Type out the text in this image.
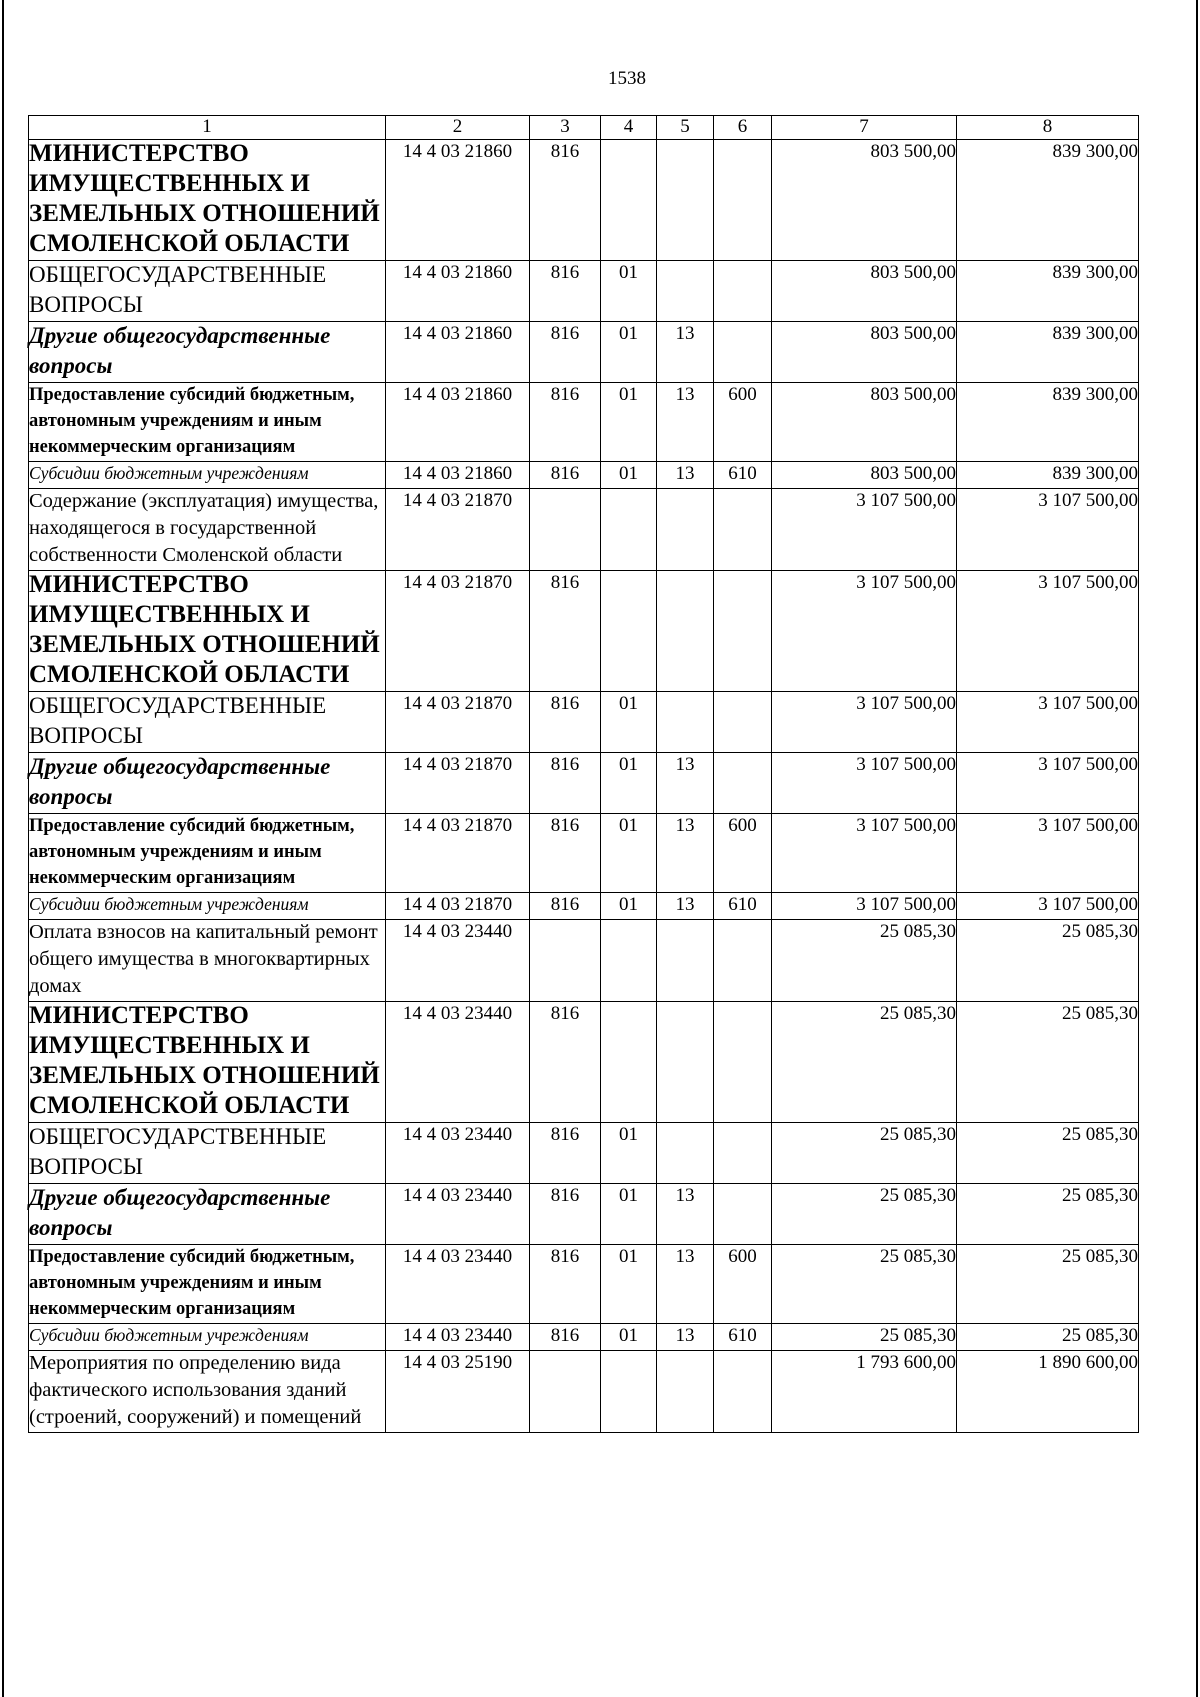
1538
1	2	3	4	5	6	7	8
МИНИСТЕРСТВО ИМУЩЕСТВЕННЫХ И ЗЕМЕЛЬНЫХ ОТНОШЕНИЙ СМОЛЕНСКОЙ ОБЛАСТИ	14 4 03 21860	816				803 500,00	839 300,00
ОБЩЕГОСУДАРСТВЕННЫЕ ВОПРОСЫ	14 4 03 21860	816	01			803 500,00	839 300,00
Другие общегосударственные вопросы	14 4 03 21860	816	01	13		803 500,00	839 300,00
Предоставление субсидий бюджетным, автономным учреждениям и иным некоммерческим организациям	14 4 03 21860	816	01	13	600	803 500,00	839 300,00
Субсидии бюджетным учреждениям	14 4 03 21860	816	01	13	610	803 500,00	839 300,00
Содержание (эксплуатация) имущества, находящегося в государственной собственности Смоленской области	14 4 03 21870					3 107 500,00	3 107 500,00
МИНИСТЕРСТВО ИМУЩЕСТВЕННЫХ И ЗЕМЕЛЬНЫХ ОТНОШЕНИЙ СМОЛЕНСКОЙ ОБЛАСТИ	14 4 03 21870	816				3 107 500,00	3 107 500,00
ОБЩЕГОСУДАРСТВЕННЫЕ ВОПРОСЫ	14 4 03 21870	816	01			3 107 500,00	3 107 500,00
Другие общегосударственные вопросы	14 4 03 21870	816	01	13		3 107 500,00	3 107 500,00
Предоставление субсидий бюджетным, автономным учреждениям и иным некоммерческим организациям	14 4 03 21870	816	01	13	600	3 107 500,00	3 107 500,00
Субсидии бюджетным учреждениям	14 4 03 21870	816	01	13	610	3 107 500,00	3 107 500,00
Оплата взносов на капитальный ремонт общего имущества в многоквартирных домах	14 4 03 23440					25 085,30	25 085,30
МИНИСТЕРСТВО ИМУЩЕСТВЕННЫХ И ЗЕМЕЛЬНЫХ ОТНОШЕНИЙ СМОЛЕНСКОЙ ОБЛАСТИ	14 4 03 23440	816				25 085,30	25 085,30
ОБЩЕГОСУДАРСТВЕННЫЕ ВОПРОСЫ	14 4 03 23440	816	01			25 085,30	25 085,30
Другие общегосударственные вопросы	14 4 03 23440	816	01	13		25 085,30	25 085,30
Предоставление субсидий бюджетным, автономным учреждениям и иным некоммерческим организациям	14 4 03 23440	816	01	13	600	25 085,30	25 085,30
Субсидии бюджетным учреждениям	14 4 03 23440	816	01	13	610	25 085,30	25 085,30
Мероприятия по определению вида фактического использования зданий (строений, сооружений) и помещений	14 4 03 25190					1 793 600,00	1 890 600,00
